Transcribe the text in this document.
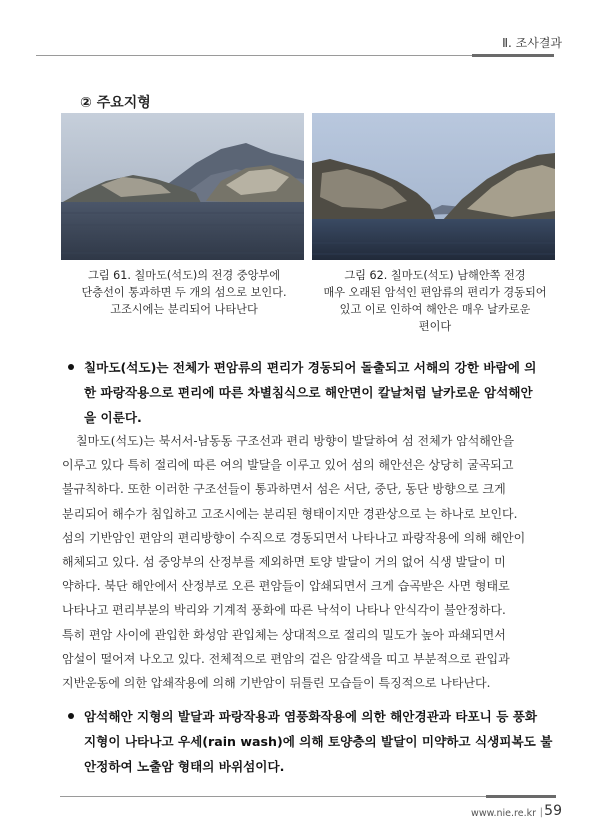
Ⅱ. 조사결과
② 주요지형
그림 61. 칠마도(석도)의 전경 중앙부에
단층선이 통과하면 두 개의 섬으로 보인다.
고조시에는 분리되어 나타난다
그림 62. 칠마도(석도) 남해안쪽 전경
매우 오래된 암석인 편암류의 편리가 경동되어
있고 이로 인하여 해안은 매우 날카로운
편이다
칠마도(석도)는 전체가 편암류의 편리가 경동되어 돌출되고 서해의 강한 바람에 의
한 파랑작용으로 편리에 따른 차별침식으로 해안면이 칼날처럼 날카로운 암석해안
을 이룬다.
칠마도(석도)는 북서서-남동동 구조선과 편리 방향이 발달하여 섬 전체가 암석해안을
이루고 있다 특히 절리에 따른 여의 발달을 이루고 있어 섬의 해안선은 상당히 굴곡되고
불규칙하다. 또한 이러한 구조선들이 통과하면서 섬은 서단, 중단, 동단 방향으로 크게
분리되어 해수가 침입하고 고조시에는 분리된 형태이지만 경관상으로 는 하나로 보인다.
섬의 기반암인 편암의 편리방향이 수직으로 경동되면서 나타나고 파랑작용에 의해 해안이
해체되고 있다. 섬 중앙부의 산정부를 제외하면 토양 발달이 거의 없어 식생 발달이 미
약하다. 북단 해안에서 산정부로 오른 편암들이 압쇄되면서 크게 습곡받은 사면 형태로
나타나고 편리부분의 박리와 기계적 풍화에 따른 낙석이 나타나 안식각이 불안정하다.
특히 편암 사이에 관입한 화성암 관입체는 상대적으로 절리의 밀도가 높아 파쇄되면서
암설이 떨어져 나오고 있다. 전체적으로 편암의 겉은 암갈색을 띠고 부분적으로 관입과
지반운동에 의한 압쇄작용에 의해 기반암이 뒤틀린 모습들이 특징적으로 나타난다.
암석해안 지형의 발달과 파랑작용과 염풍화작용에 의한 해안경관과 타포니 등 풍화
지형이 나타나고 우세(rain wash)에 의해 토양층의 발달이 미약하고 식생피복도 불
안정하여 노출암 형태의 바위섬이다.
www.nie.re.kr | 59
